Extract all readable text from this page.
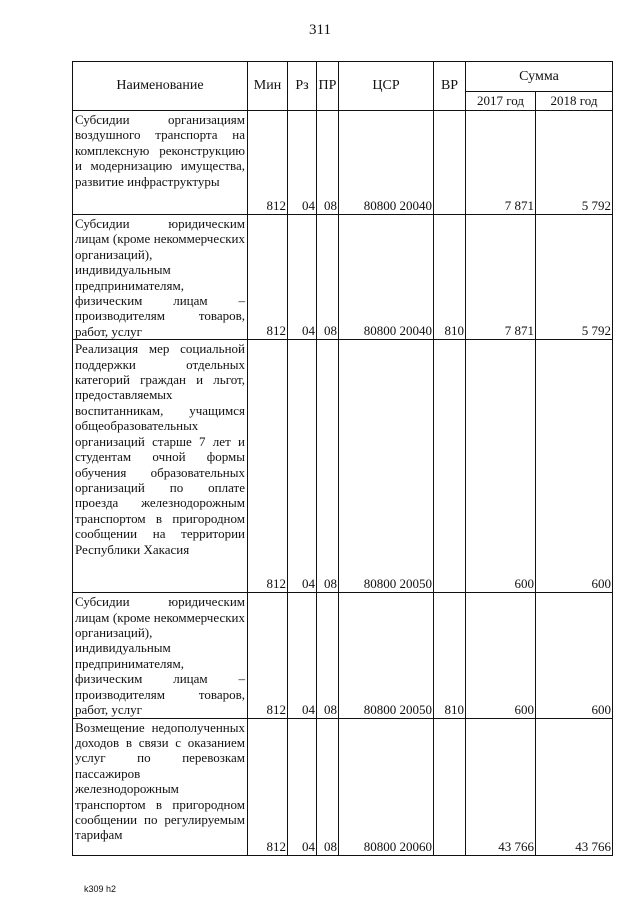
311
Наименование	Мин	Рз	ПР	ЦСР	ВР	Сумма	
						2017 год	2018 год
Субсидии организациям воздушного транспорта на комплексную реконструкцию и модернизацию имущества, развитие инфраструктуры	812	04	08	80800 20040		7 871	5 792
Субсидии юридическим лицам (кроме некоммерческих организаций), индивидуальным предпринимателям, физическим лицам – производителям товаров, работ, услуг	812	04	08	80800 20040	810	7 871	5 792
Реализация мер социальной поддержки отдельных категорий граждан и льгот, предоставляемых воспитанникам, учащимся общеобразовательных организаций старше 7 лет и студентам очной формы обучения образовательных организаций по оплате проезда железнодорожным транспортом в пригородном сообщении на территории Республики Хакасия	812	04	08	80800 20050		600	600
Субсидии юридическим лицам (кроме некоммерческих организаций), индивидуальным предпринимателям, физическим лицам – производителям товаров, работ, услуг	812	04	08	80800 20050	810	600	600
Возмещение недополученных доходов в связи с оказанием услуг по перевозкам пассажиров железнодорожным транспортом в пригородном сообщении по регулируемым тарифам	812	04	08	80800 20060		43 766	43 766
k309 h2
